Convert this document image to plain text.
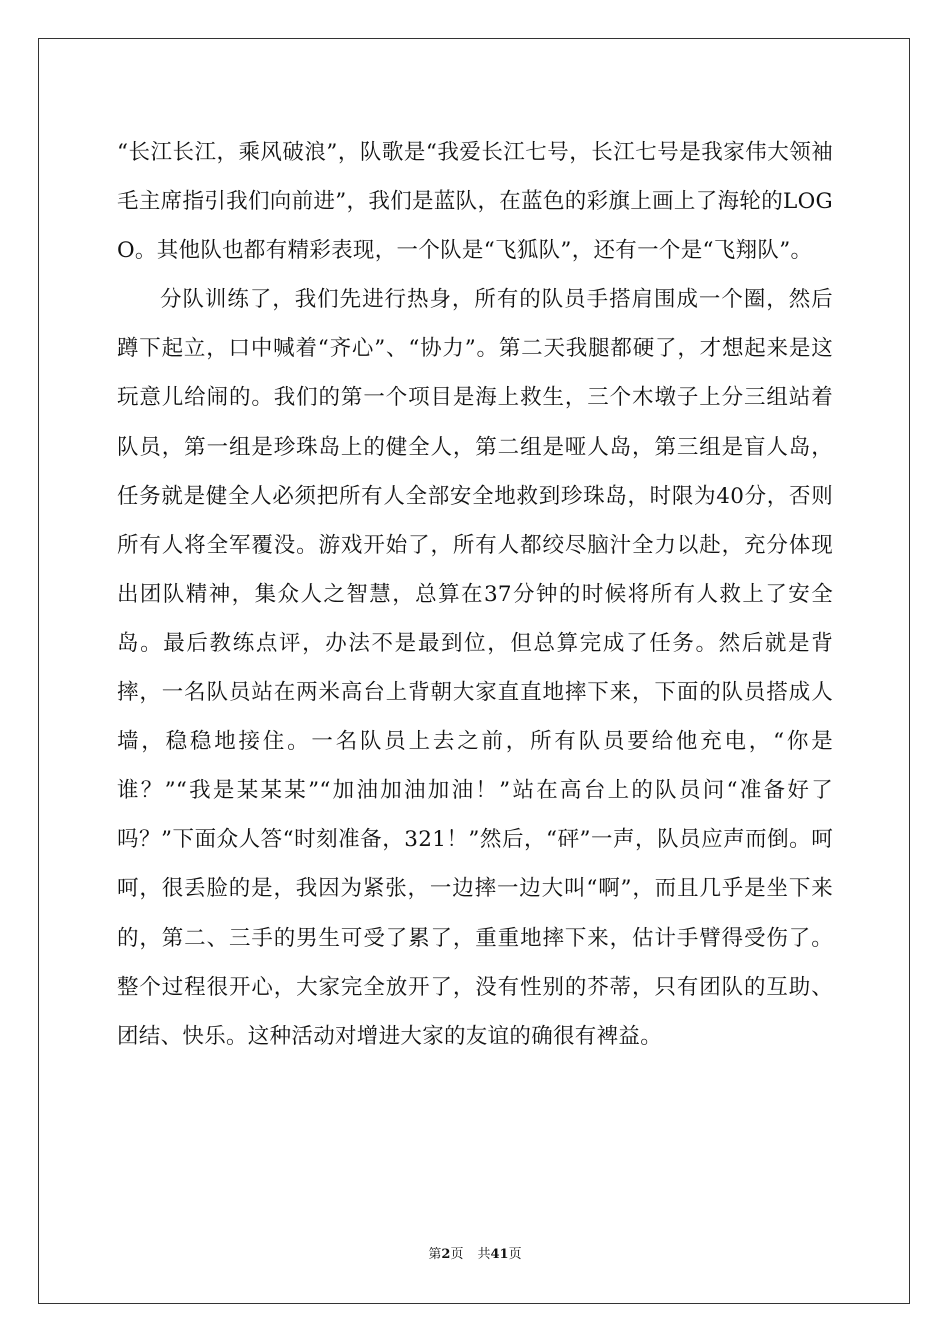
“长江长江，乘风破浪”，队歌是“我爱长江七号，长江七号是我家伟大领袖毛主席指引我们向前进”，我们是蓝队，在蓝色的彩旗上画上了海轮的LOGO。其他队也都有精彩表现，一个队是“飞狐队”，还有一个是“飞翔队”。

分队训练了，我们先进行热身，所有的队员手搭肩围成一个圈，然后蹲下起立，口中喊着“齐心”、“协力”。第二天我腿都硬了，才想起来是这玩意儿给闹的。我们的第一个项目是海上救生，三个木墩子上分三组站着队员，第一组是珍珠岛上的健全人，第二组是哑人岛，第三组是盲人岛，任务就是健全人必须把所有人全部安全地救到珍珠岛，时限为40分，否则所有人将全军覆没。游戏开始了，所有人都绞尽脑汁全力以赴，充分体现出团队精神，集众人之智慧，总算在37分钟的时候将所有人救上了安全岛。最后教练点评，办法不是最到位，但总算完成了任务。然后就是背摔，一名队员站在两米高台上背朝大家直直地摔下来，下面的队员搭成人墙，稳稳地接住。一名队员上去之前，所有队员要给他充电，“你是谁？”“我是某某某”“加油加油加油！”站在高台上的队员问“准备好了吗？”下面众人答“时刻准备，321！”然后，“砰”一声，队员应声而倒。呵呵，很丢脸的是，我因为紧张，一边摔一边大叫“啊”，而且几乎是坐下来的，第二、三手的男生可受了累了，重重地摔下来，估计手臂得受伤了。整个过程很开心，大家完全放开了，没有性别的芥蒂，只有团队的互助、团结、快乐。这种活动对增进大家的友谊的确很有裨益。

第2页 共41页
